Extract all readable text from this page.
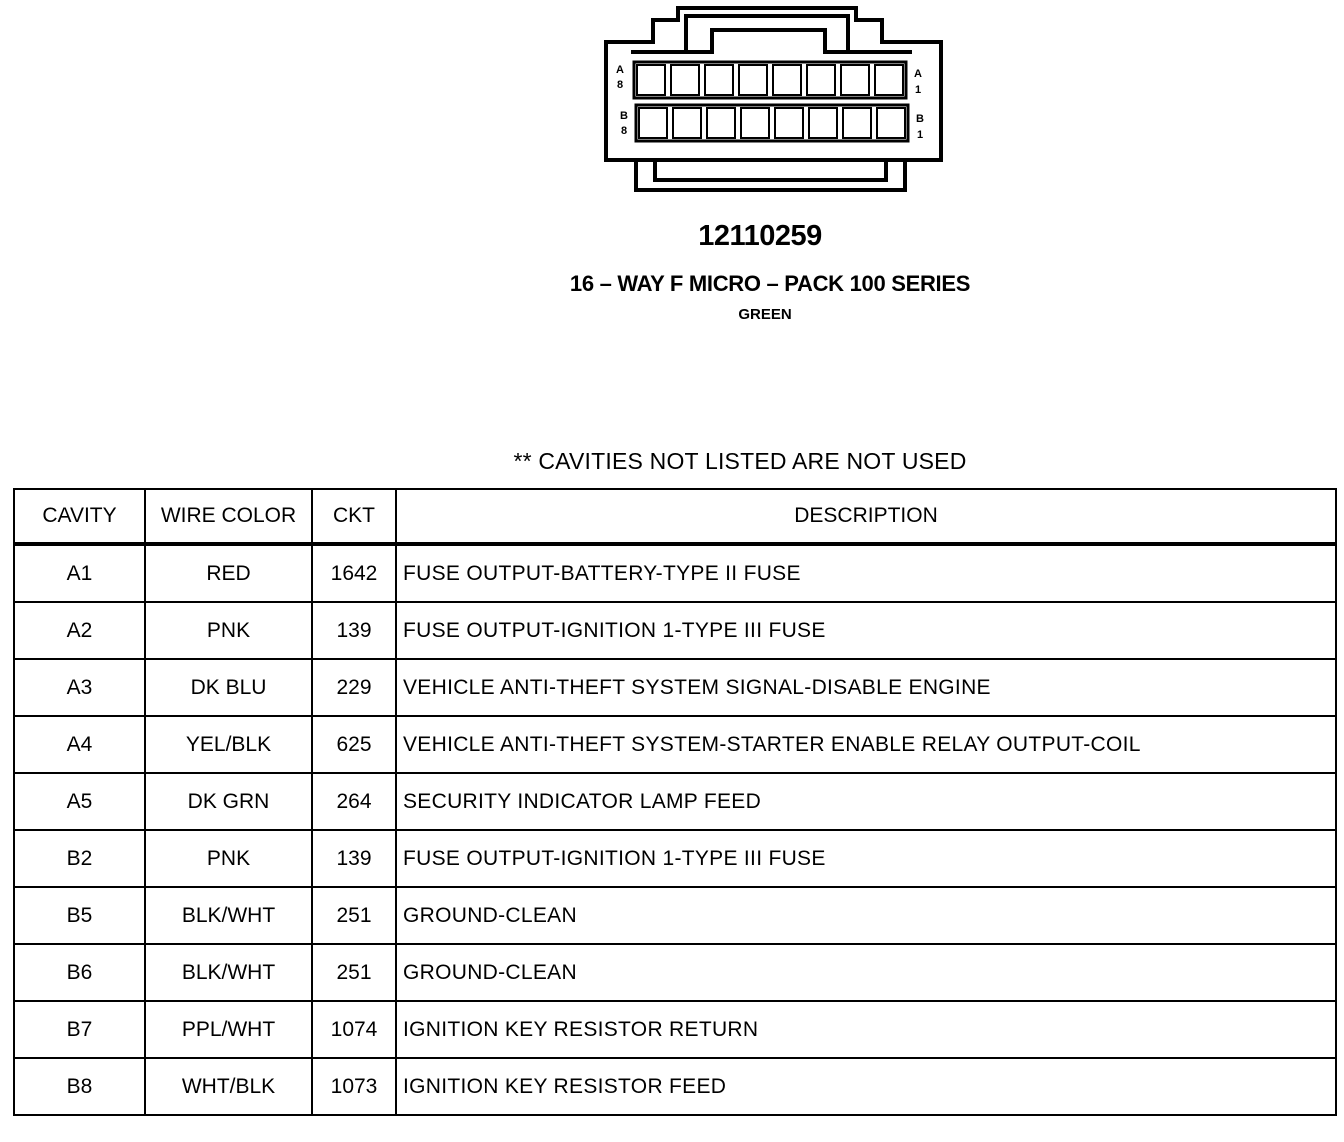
A
8
A
1
B
8
B
1
12110259
16 – WAY F MICRO – PACK 100 SERIES
GREEN
** CAVITIES NOT LISTED ARE NOT USED
CAVITY	WIRE COLOR	CKT	DESCRIPTION
A1	RED	1642	FUSE OUTPUT-BATTERY-TYPE II FUSE
A2	PNK	139	FUSE OUTPUT-IGNITION 1-TYPE III FUSE
A3	DK BLU	229	VEHICLE ANTI-THEFT SYSTEM SIGNAL-DISABLE ENGINE
A4	YEL/BLK	625	VEHICLE ANTI-THEFT SYSTEM-STARTER ENABLE RELAY OUTPUT-COIL
A5	DK GRN	264	SECURITY INDICATOR LAMP FEED
B2	PNK	139	FUSE OUTPUT-IGNITION 1-TYPE III FUSE
B5	BLK/WHT	251	GROUND-CLEAN
B6	BLK/WHT	251	GROUND-CLEAN
B7	PPL/WHT	1074	IGNITION KEY RESISTOR RETURN
B8	WHT/BLK	1073	IGNITION KEY RESISTOR FEED
